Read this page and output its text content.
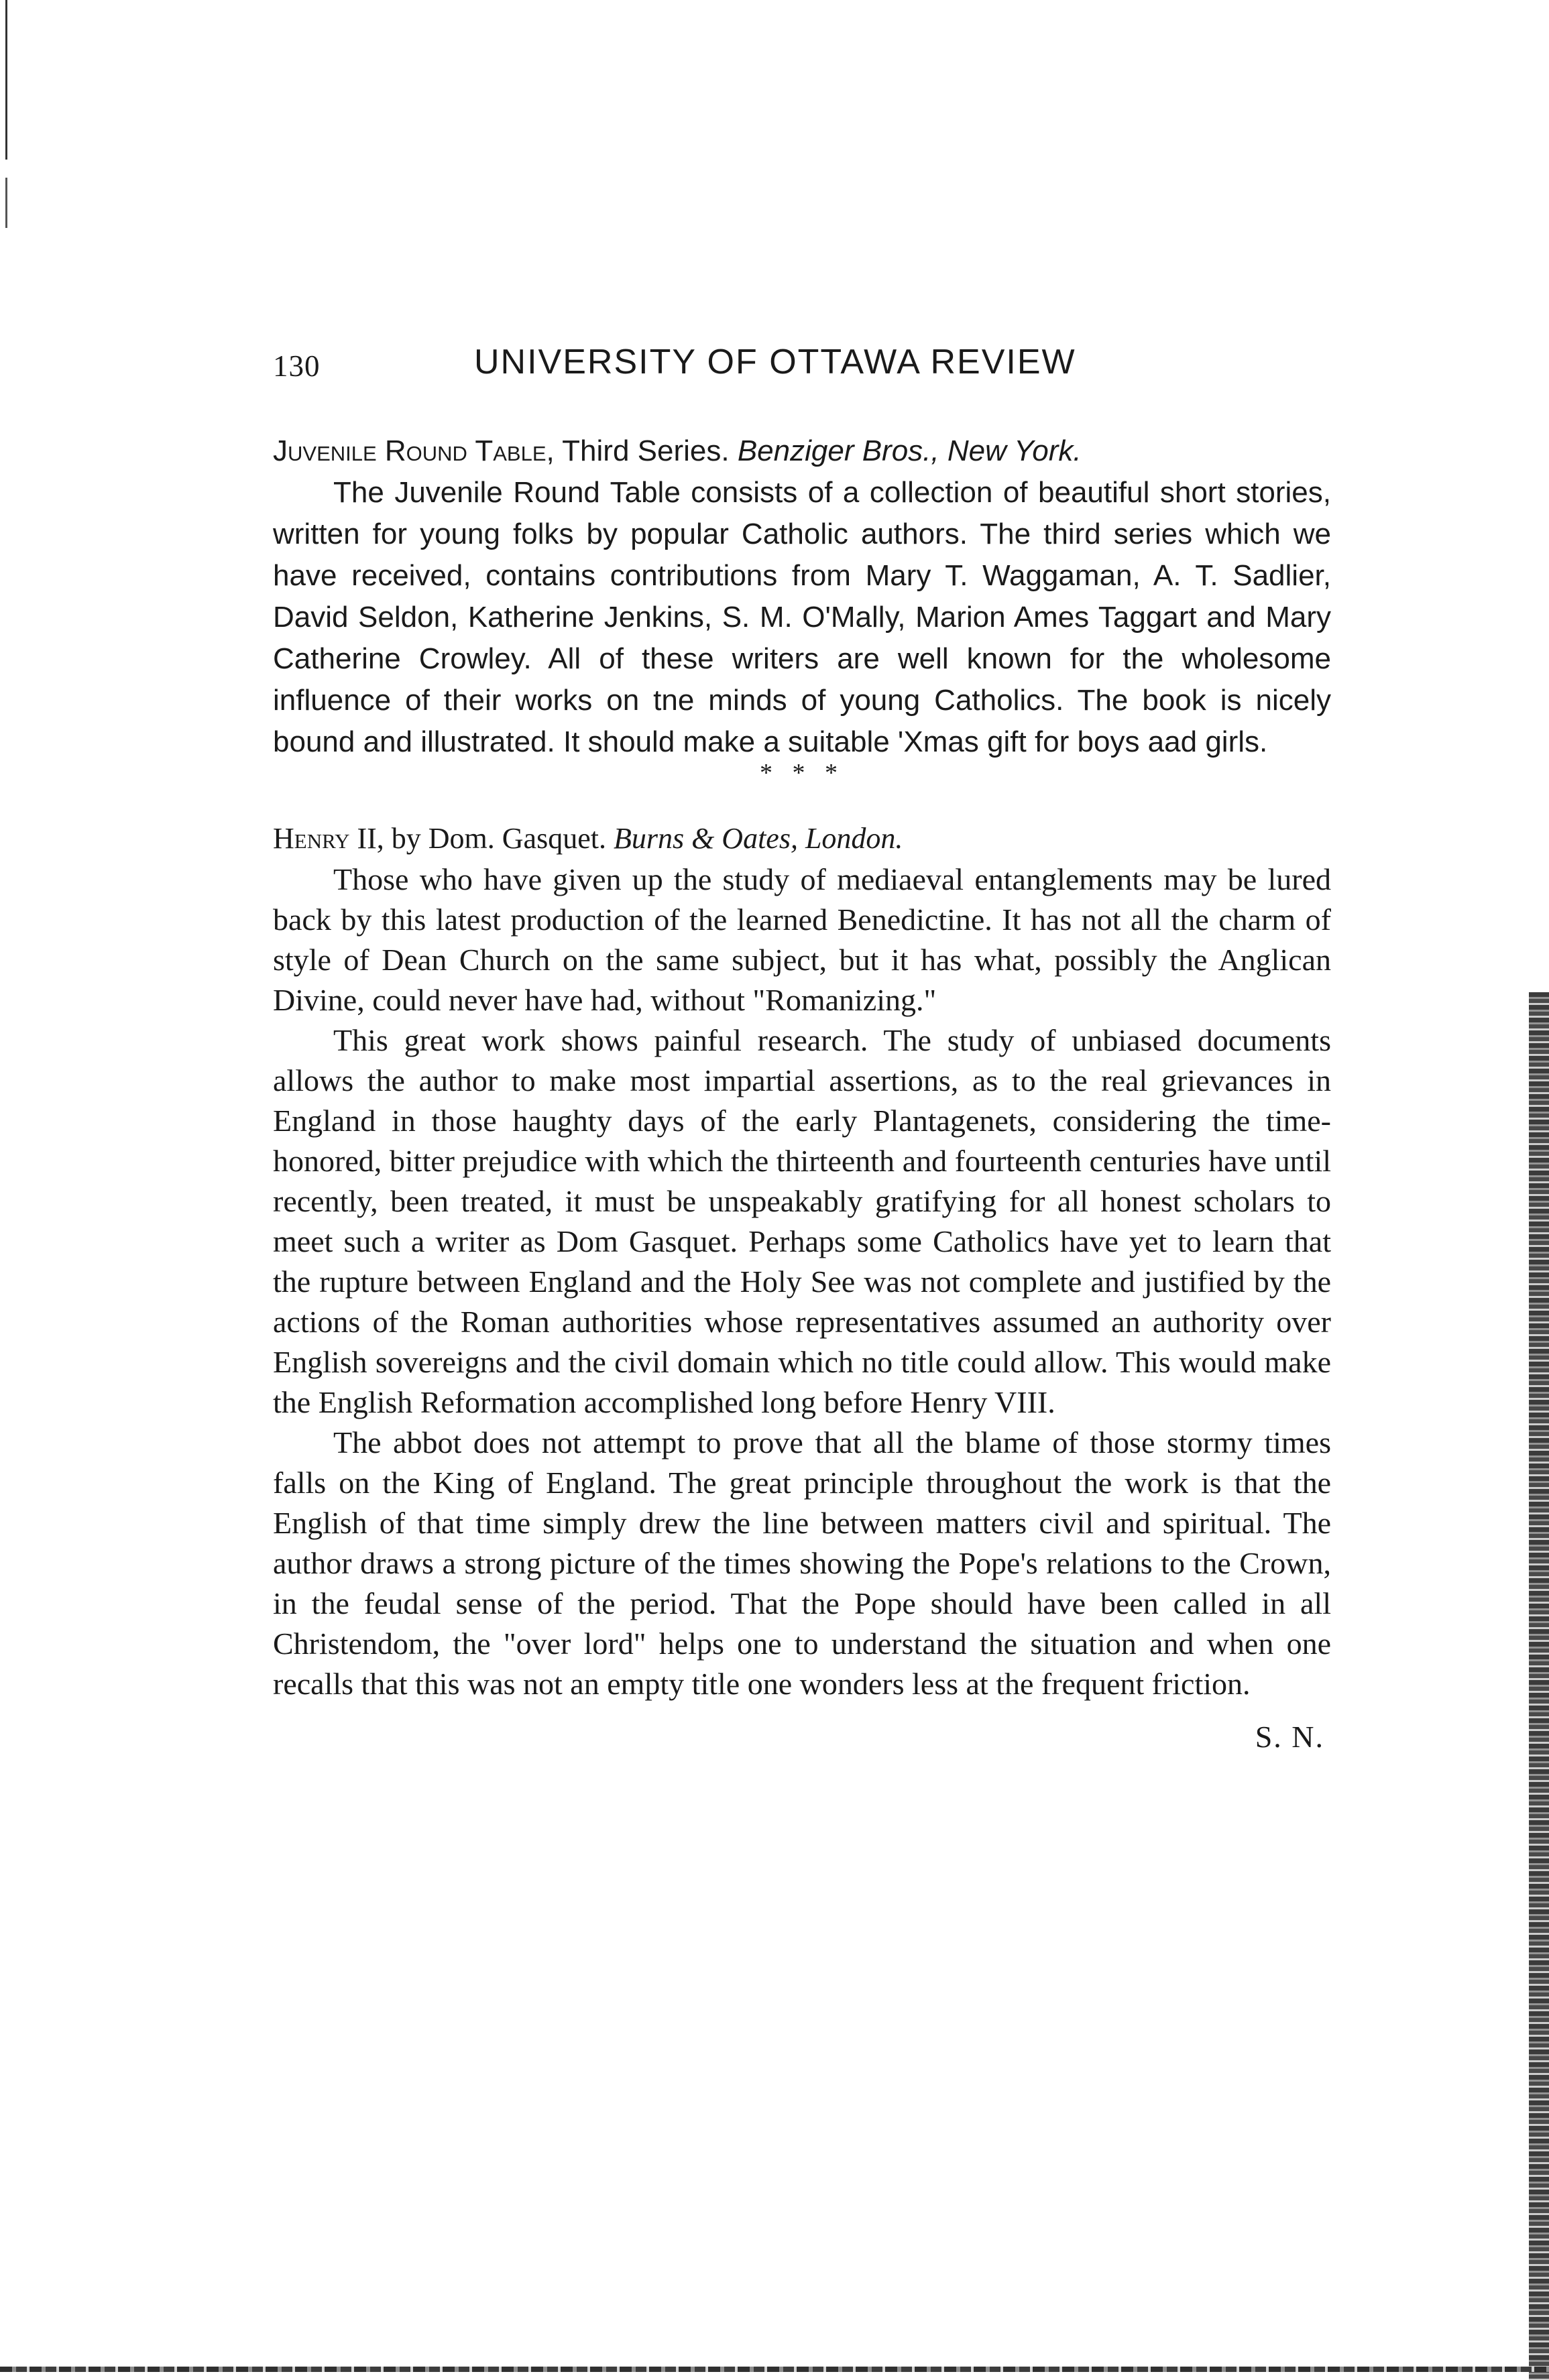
130	UNIVERSITY OF OTTAWA REVIEW
Juvenile Round Table, Third Series. Benziger Bros., New York.

The Juvenile Round Table consists of a collection of beautiful short stories, written for young folks by popular Catholic authors. The third series which we have received, contains contributions from Mary T. Waggaman, A. T. Sadlier, David Seldon, Katherine Jenkins, S. M. O'Mally, Marion Ames Taggart and Mary Catherine Crowley. All of these writers are well known for the wholesome influence of their works on tne minds of young Catholics. The book is nicely bound and illustrated. It should make a suitable 'Xmas gift for boys aad girls.

* * *
Henry II, by Dom. Gasquet. Burns & Oates, London.

Those who have given up the study of mediaeval entanglements may be lured back by this latest production of the learned Benedictine. It has not all the charm of style of Dean Church on the same subject, but it has what, possibly the Anglican Divine, could never have had, without "Romanizing."

This great work shows painful research. The study of unbiased documents allows the author to make most impartial assertions, as to the real grievances in England in those haughty days of the early Plantagenets, considering the time-honored, bitter prejudice with which the thirteenth and fourteenth centuries have until recently, been treated, it must be unspeakably gratifying for all honest scholars to meet such a writer as Dom Gasquet. Perhaps some Catholics have yet to learn that the rupture between England and the Holy See was not complete and justified by the actions of the Roman authorities whose representatives assumed an authority over English sovereigns and the civil domain which no title could allow. This would make the English Reformation accomplished long before Henry VIII.

The abbot does not attempt to prove that all the blame of those stormy times falls on the King of England. The great principle throughout the work is that the English of that time simply drew the line between matters civil and spiritual. The author draws a strong picture of the times showing the Pope's relations to the Crown, in the feudal sense of the period. That the Pope should have been called in all Christendom, the "over lord" helps one to understand the situation and when one recalls that this was not an empty title one wonders less at the frequent friction.

S. N.
